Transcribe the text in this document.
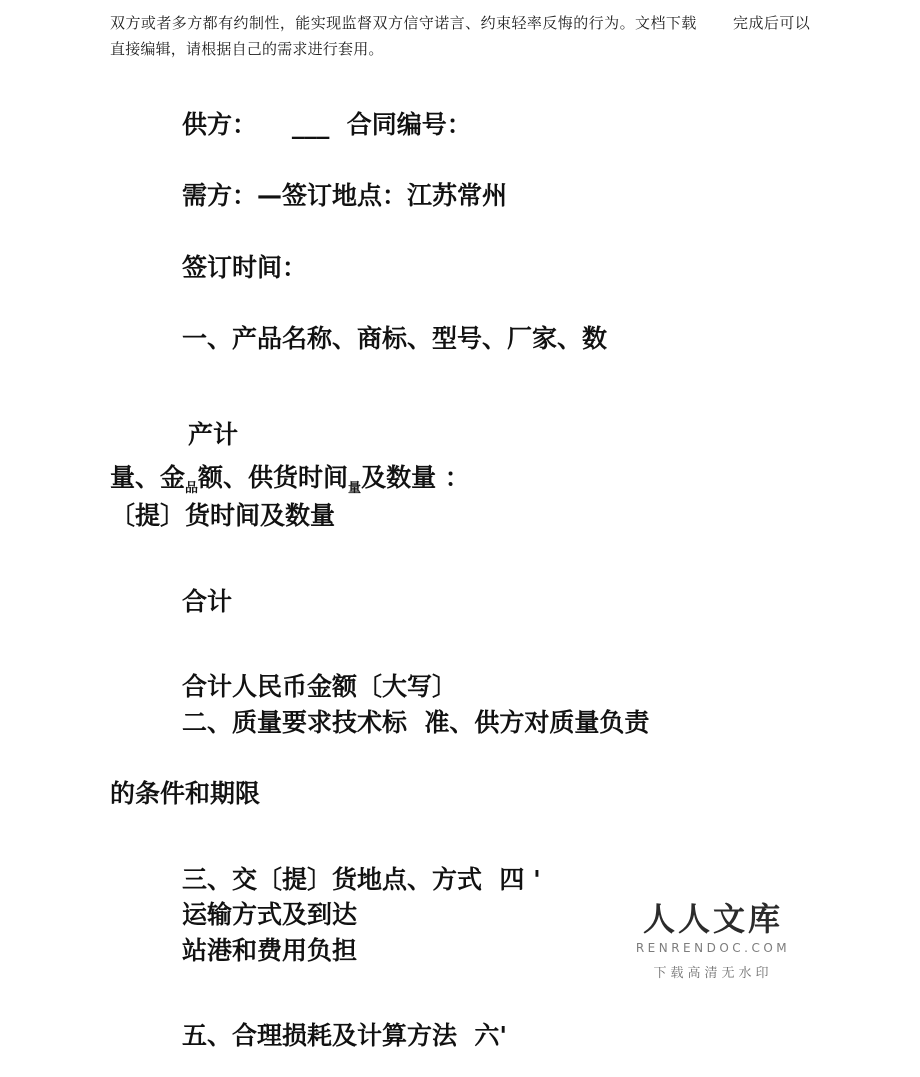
双方或者多方都有约制性，能实现监督双方信守诺言、约束轻率反悔的行为。文档下载 完成后可以直接编辑，请根据自己的需求进行套用。

供方：    ___  合同编号：
需方：—签订地点：江苏常州
签订时间：
一、产品名称、商标、型号、厂家、数
产计
量、金$_品$额、供货时间$_量$及数量 ：
〔提〕货时间及数量
合计
合计人民币金额〔大写〕
二、质量要求技术标  准、供方对质量负责
的条件和期限
三、交〔提〕货地点、方式  四 '
运输方式及到达
站港和费用负担
五、合理损耗及计算方法  六'
人人文库
RENRENDOC.COM
下载高清无水印
